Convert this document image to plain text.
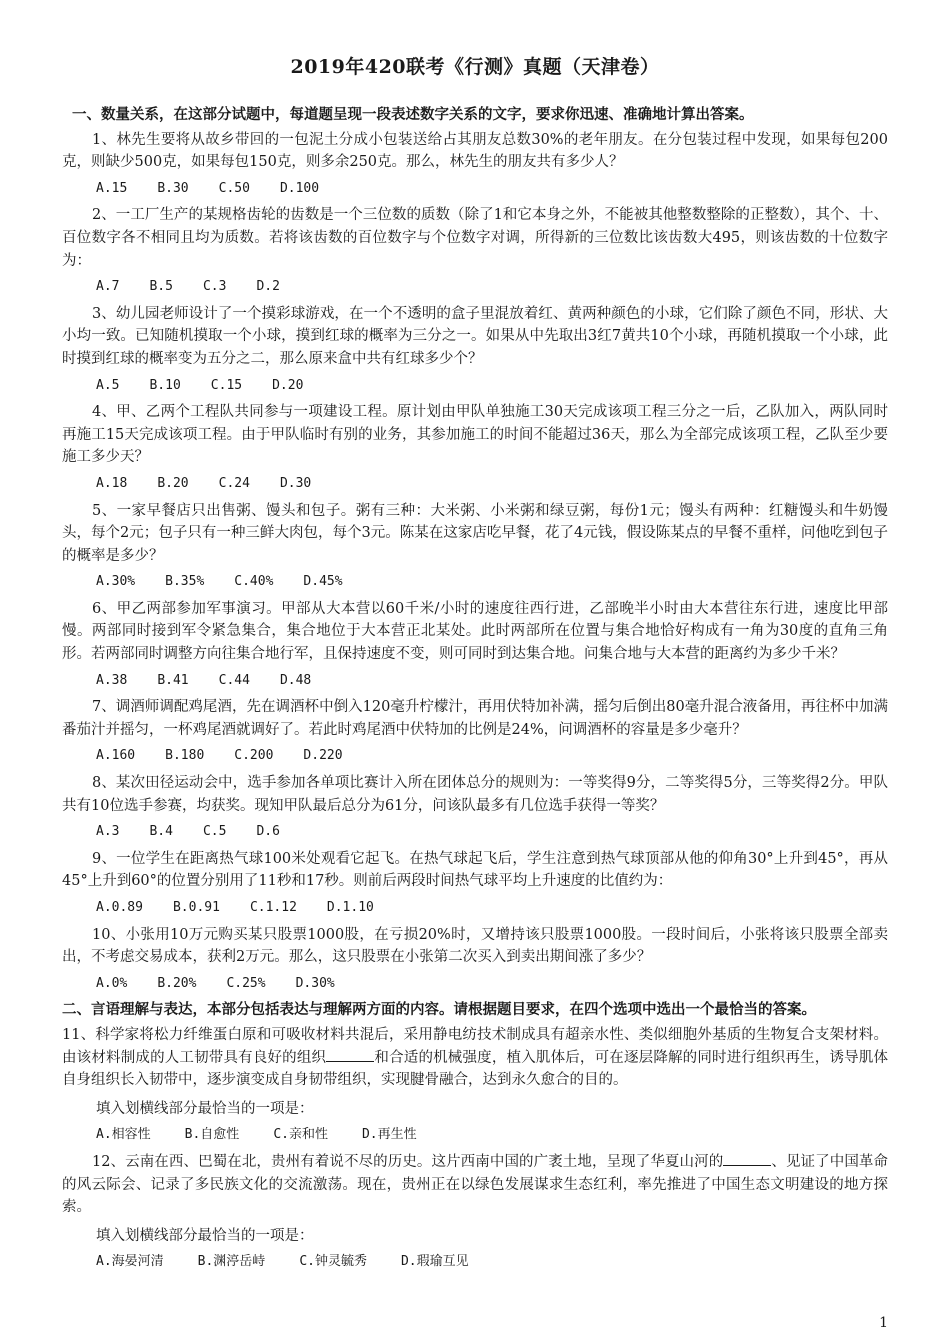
2019年420联考《行测》真题（天津卷）

一、数量关系，在这部分试题中，每道题呈现一段表述数字关系的文字，要求你迅速、准确地计算出答案。

1、林先生要将从故乡带回的一包泥土分成小包装送给占其朋友总数30%的老年朋友。在分包装过程中发现，如果每包200克，则缺少500克，如果每包150克，则多余250克。那么，林先生的朋友共有多少人？

A.15 B.30 C.50 D.100

2、一工厂生产的某规格齿轮的齿数是一个三位数的质数（除了1和它本身之外，不能被其他整数整除的正整数），其个、十、百位数字各不相同且均为质数。若将该齿数的百位数字与个位数字对调，所得新的三位数比该齿数大495，则该齿数的十位数字为：

A.7 B.5 C.3 D.2

3、幼儿园老师设计了一个摸彩球游戏，在一个不透明的盒子里混放着红、黄两种颜色的小球，它们除了颜色不同，形状、大小均一致。已知随机摸取一个小球，摸到红球的概率为三分之一。如果从中先取出3红7黄共10个小球，再随机摸取一个小球，此时摸到红球的概率变为五分之二，那么原来盒中共有红球多少个？

A.5 B.10 C.15 D.20

4、甲、乙两个工程队共同参与一项建设工程。原计划由甲队单独施工30天完成该项工程三分之一后，乙队加入，两队同时再施工15天完成该项工程。由于甲队临时有别的业务，其参加施工的时间不能超过36天，那么为全部完成该项工程，乙队至少要施工多少天？

A.18 B.20 C.24 D.30

5、一家早餐店只出售粥、馒头和包子。粥有三种：大米粥、小米粥和绿豆粥，每份1元；馒头有两种：红糖馒头和牛奶馒头，每个2元；包子只有一种三鲜大肉包，每个3元。陈某在这家店吃早餐，花了4元钱，假设陈某点的早餐不重样，问他吃到包子的概率是多少？

A.30% B.35% C.40% D.45%

6、甲乙两部参加军事演习。甲部从大本营以60千米/小时的速度往西行进，乙部晚半小时由大本营往东行进，速度比甲部慢。两部同时接到军令紧急集合，集合地位于大本营正北某处。此时两部所在位置与集合地恰好构成有一角为30度的直角三角形。若两部同时调整方向往集合地行军，且保持速度不变，则可同时到达集合地。问集合地与大本营的距离约为多少千米？

A.38 B.41 C.44 D.48

7、调酒师调配鸡尾酒，先在调酒杯中倒入120毫升柠檬汁，再用伏特加补满，摇匀后倒出80毫升混合液备用，再往杯中加满番茄汁并摇匀，一杯鸡尾酒就调好了。若此时鸡尾酒中伏特加的比例是24%，问调酒杯的容量是多少毫升？

A.160 B.180 C.200 D.220

8、某次田径运动会中，选手参加各单项比赛计入所在团体总分的规则为：一等奖得9分，二等奖得5分，三等奖得2分。甲队共有10位选手参赛，均获奖。现知甲队最后总分为61分，问该队最多有几位选手获得一等奖？

A.3 B.4 C.5 D.6

9、一位学生在距离热气球100米处观看它起飞。在热气球起飞后，学生注意到热气球顶部从他的仰角30°上升到45°，再从45°上升到60°的位置分别用了11秒和17秒。则前后两段时间热气球平均上升速度的比值约为：

A.0.89 B.0.91 C.1.12 D.1.10

10、小张用10万元购买某只股票1000股，在亏损20%时，又增持该只股票1000股。一段时间后，小张将该只股票全部卖出，不考虑交易成本，获利2万元。那么，这只股票在小张第二次买入到卖出期间涨了多少？

A.0% B.20% C.25% D.30%

二、言语理解与表达，本部分包括表达与理解两方面的内容。请根据题目要求，在四个选项中选出一个最恰当的答案。

11、科学家将松力纤维蛋白原和可吸收材料共混后，采用静电纺技术制成具有超亲水性、类似细胞外基质的生物复合支架材料。由该材料制成的人工韧带具有良好的组织	和合适的机械强度，植入肌体后，可在逐层降解的同时进行组织再生，诱导肌体自身组织长入韧带中，逐步演变成自身韧带组织，实现腱骨融合，达到永久愈合的目的。

填入划横线部分最恰当的一项是：

A.相容性	B.自愈性	C.亲和性	D.再生性

12、云南在西、巴蜀在北，贵州有着说不尽的历史。这片西南中国的广袤土地，呈现了华夏山河的	、见证了中国革命的风云际会、记录了多民族文化的交流激荡。现在，贵州正在以绿色发展谋求生态红利，率先推进了中国生态文明建设的地方探索。

填入划横线部分最恰当的一项是：

A.海晏河清	B.渊渟岳峙	C.钟灵毓秀	D.瑕瑜互见
1
